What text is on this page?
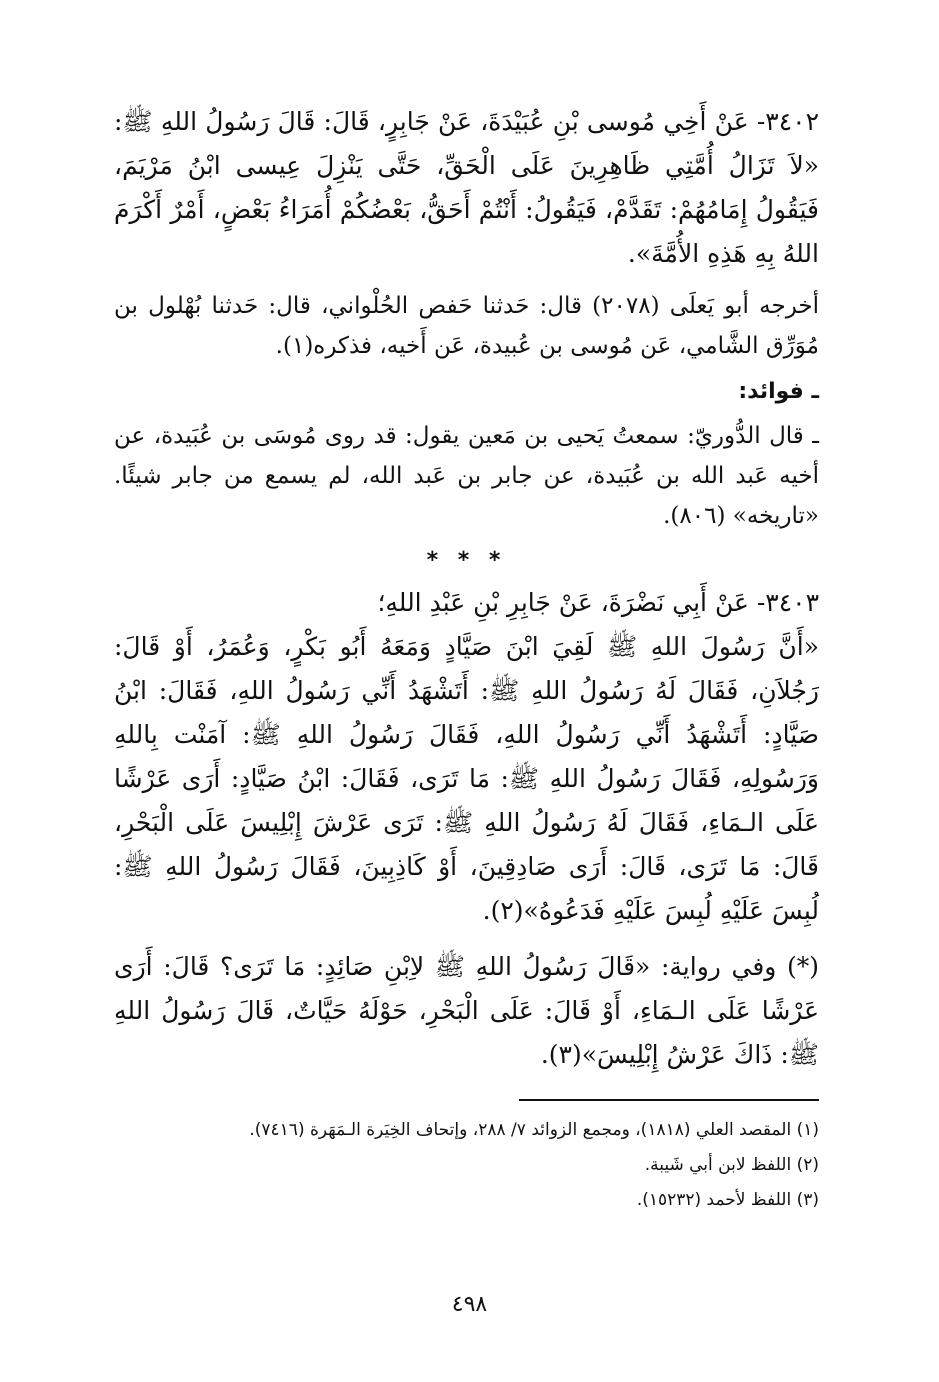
٣٤٠٢- عَنْ أَخِي مُوسى بْنِ عُبَيْدَةَ، عَنْ جَابِرٍ، قَالَ: قَالَ رَسُولُ اللهِ ﷺ: «لاَ تَزَالُ أُمَّتِي ظَاهِرِينَ عَلَى الْحَقِّ، حَتَّى يَنْزِلَ عِيسى ابْنُ مَرْيَمَ، فَيَقُولُ إِمَامُهُمْ: تَقَدَّمْ، فَيَقُولُ: أَنْتُمْ أَحَقُّ، بَعْضُكُمْ أُمَرَاءُ بَعْضٍ، أَمْرٌ أَكْرَمَ اللهُ بِهِ هَذِهِ الأُمَّةَ».

أخرجه أبو يَعلَى (٢٠٧٨) قال: حَدثنا حَفص الحُلْواني، قال: حَدثنا بُهْلول بن مُوَرِّق الشَّامي، عَن مُوسى بن عُبيدة، عَن أَخيه، فذكره(١).

ـ فوائد:

ـ قال الدُّوريّ: سمعتُ يَحيى بن مَعين يقول: قد روى مُوسَى بن عُبَيدة، عن أخيه عَبد الله بن عُبَيدة، عن جابر بن عَبد الله، لم يسمع من جابر شيئًا. «تاريخه» (٨٠٦).

* * *

٣٤٠٣- عَنْ أَبِي نَضْرَةَ، عَنْ جَابِرِ بْنِ عَبْدِ اللهِ؛

«أَنَّ رَسُولَ اللهِ ﷺ لَقِيَ ابْنَ صَيَّادٍ وَمَعَهُ أَبُو بَكْرٍ، وَعُمَرُ، أَوْ قَالَ: رَجُلاَنِ، فَقَالَ لَهُ رَسُولُ اللهِ ﷺ: أَتَشْهَدُ أَنِّي رَسُولُ اللهِ، فَقَالَ: ابْنُ صَيَّادٍ: أَتَشْهَدُ أَنِّي رَسُولُ اللهِ، فَقَالَ رَسُولُ اللهِ ﷺ: آمَنْت بِاللهِ وَرَسُولِهِ، فَقَالَ رَسُولُ اللهِ ﷺ: مَا تَرَى، فَقَالَ: ابْنُ صَيَّادٍ: أَرَى عَرْشًا عَلَى الـمَاءِ، فَقَالَ لَهُ رَسُولُ اللهِ ﷺ: تَرَى عَرْشَ إِبْلِيسَ عَلَى الْبَحْرِ، قَالَ: مَا تَرَى، قَالَ: أَرَى صَادِقِينَ، أَوْ كَاذِبِينَ، فَقَالَ رَسُولُ اللهِ ﷺ: لُبِسَ عَلَيْهِ لُبِسَ عَلَيْهِ فَدَعُوهُ»(٢).

(*) وفي رواية: «قَالَ رَسُولُ اللهِ ﷺ لاِبْنِ صَائِدٍ: مَا تَرَى؟ قَالَ: أَرَى عَرْشًا عَلَى الـمَاءِ، أَوْ قَالَ: عَلَى الْبَحْرِ، حَوْلَهُ حَيَّاتٌ، قَالَ رَسُولُ اللهِ ﷺ: ذَاكَ عَرْشُ إِبْلِيسَ»(٣).

(١) المقصد العلي (١٨١٨)، ومجمع الزوائد ٧/ ٢٨٨، وإتحاف الخِيَرة الـمَهَرة (٧٤١٦).

(٢) اللفظ لابن أبي شَيبة.

(٣) اللفظ لأحمد (١٥٢٣٢).

٤٩٨
